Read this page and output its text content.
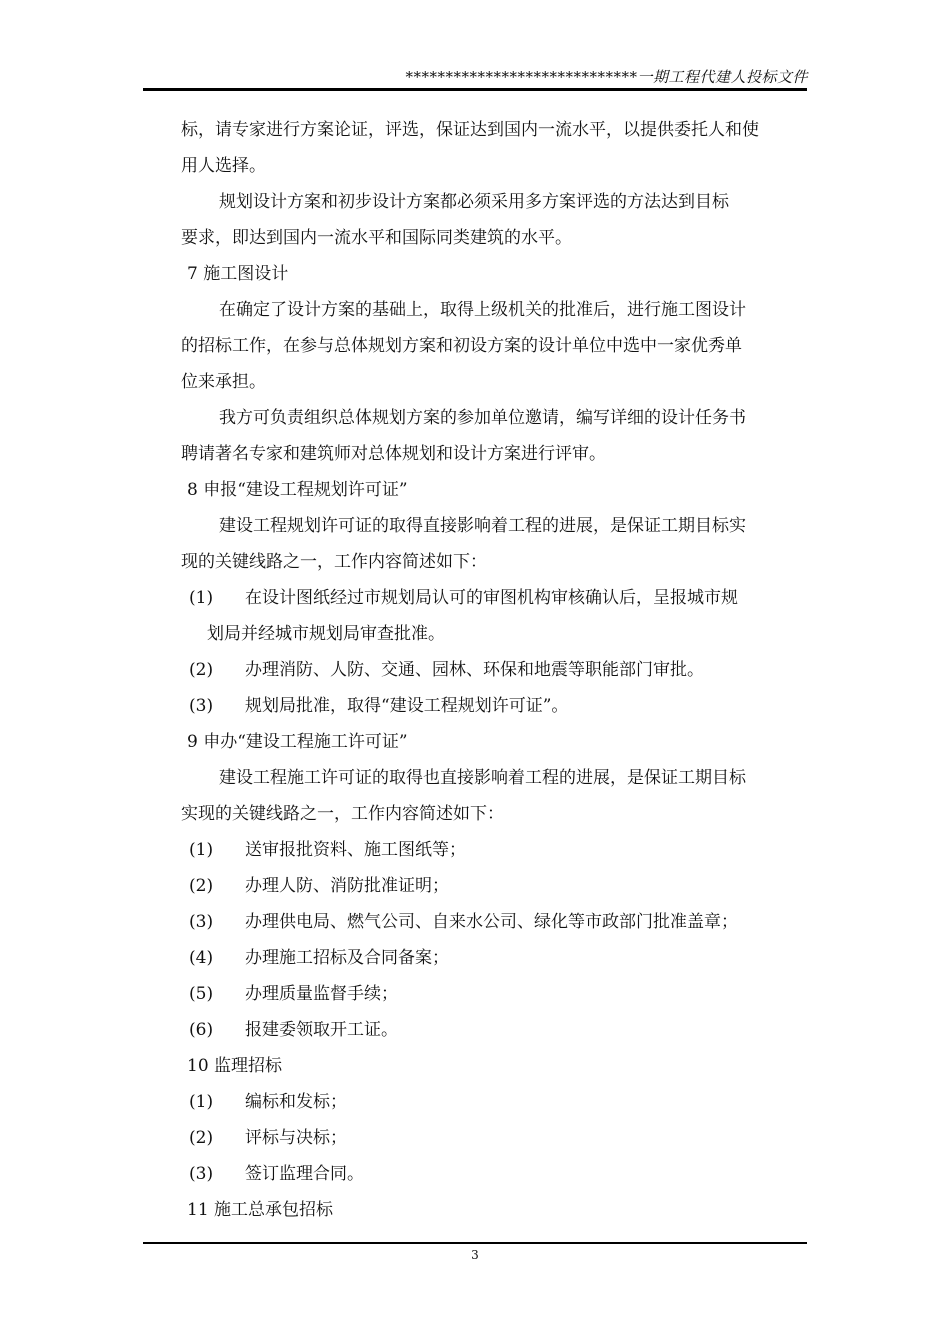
*****************************一期工程代建人投标文件
标，请专家进行方案论证，评选，保证达到国内一流水平，以提供委托人和使
用人选择。
规划设计方案和初步设计方案都必须采用多方案评选的方法达到目标
要求，即达到国内一流水平和国际同类建筑的水平。
7 施工图设计
在确定了设计方案的基础上，取得上级机关的批准后，进行施工图设计
的招标工作，在参与总体规划方案和初设方案的设计单位中选中一家优秀单
位来承担。
我方可负责组织总体规划方案的参加单位邀请，编写详细的设计任务书
聘请著名专家和建筑师对总体规划和设计方案进行评审。
8 申报“建设工程规划许可证”
建设工程规划许可证的取得直接影响着工程的进展，是保证工期目标实
现的关键线路之一，工作内容简述如下：
(1) 在设计图纸经过市规划局认可的审图机构审核确认后，呈报城市规
划局并经城市规划局审查批准。
(2) 办理消防、人防、交通、园林、环保和地震等职能部门审批。
(3) 规划局批准，取得“建设工程规划许可证”。
9 申办“建设工程施工许可证”
建设工程施工许可证的取得也直接影响着工程的进展，是保证工期目标
实现的关键线路之一，工作内容简述如下：
(1) 送审报批资料、施工图纸等；
(2) 办理人防、消防批准证明；
(3) 办理供电局、燃气公司、自来水公司、绿化等市政部门批准盖章；
(4) 办理施工招标及合同备案；
(5) 办理质量监督手续；
(6) 报建委领取开工证。
10 监理招标
(1) 编标和发标；
(2) 评标与决标；
(3) 签订监理合同。
11 施工总承包招标
3
